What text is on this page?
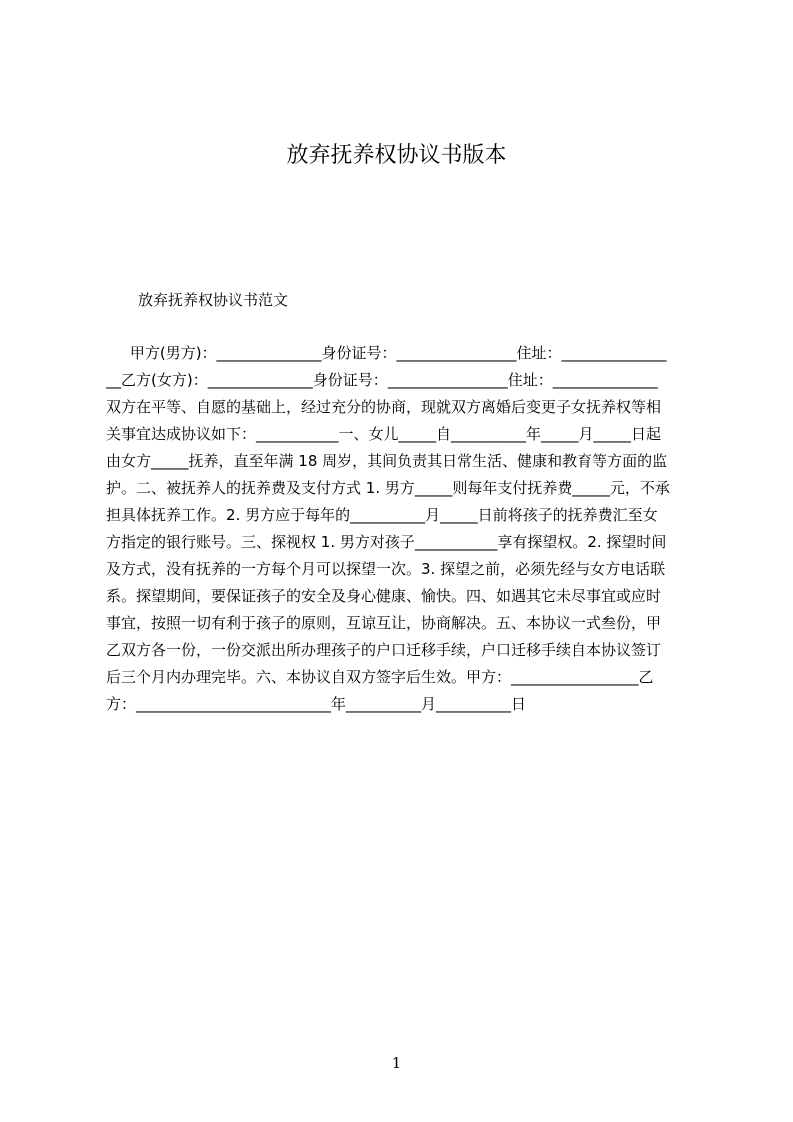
放弃抚养权协议书版本

放弃抚养权协议书范文

甲方(男方)：______________身份证号：________________住址：______________
__乙方(女方)：______________身份证号：________________住址：______________
双方在平等、自愿的基础上，经过充分的协商，现就双方离婚后变更子女抚养权等相
关事宜达成协议如下：___________一、女儿_____自__________年_____月_____日起
由女方_____抚养，直至年满 18 周岁，其间负责其日常生活、健康和教育等方面的监
护。二、被抚养人的抚养费及支付方式 1. 男方_____则每年支付抚养费_____元，不承
担具体抚养工作。2. 男方应于每年的__________月_____日前将孩子的抚养费汇至女
方指定的银行账号。三、探视权 1. 男方对孩子___________享有探望权。2. 探望时间
及方式，没有抚养的一方每个月可以探望一次。3. 探望之前，必须先经与女方电话联
系。探望期间，要保证孩子的安全及身心健康、愉快。四、如遇其它未尽事宜或应时
事宜，按照一切有利于孩子的原则，互谅互让，协商解决。五、本协议一式叁份，甲
乙双方各一份，一份交派出所办理孩子的户口迁移手续，户口迁移手续自本协议签订
后三个月内办理完毕。六、本协议自双方签字后生效。甲方：_________________乙
方：__________________________年__________月__________日
1
